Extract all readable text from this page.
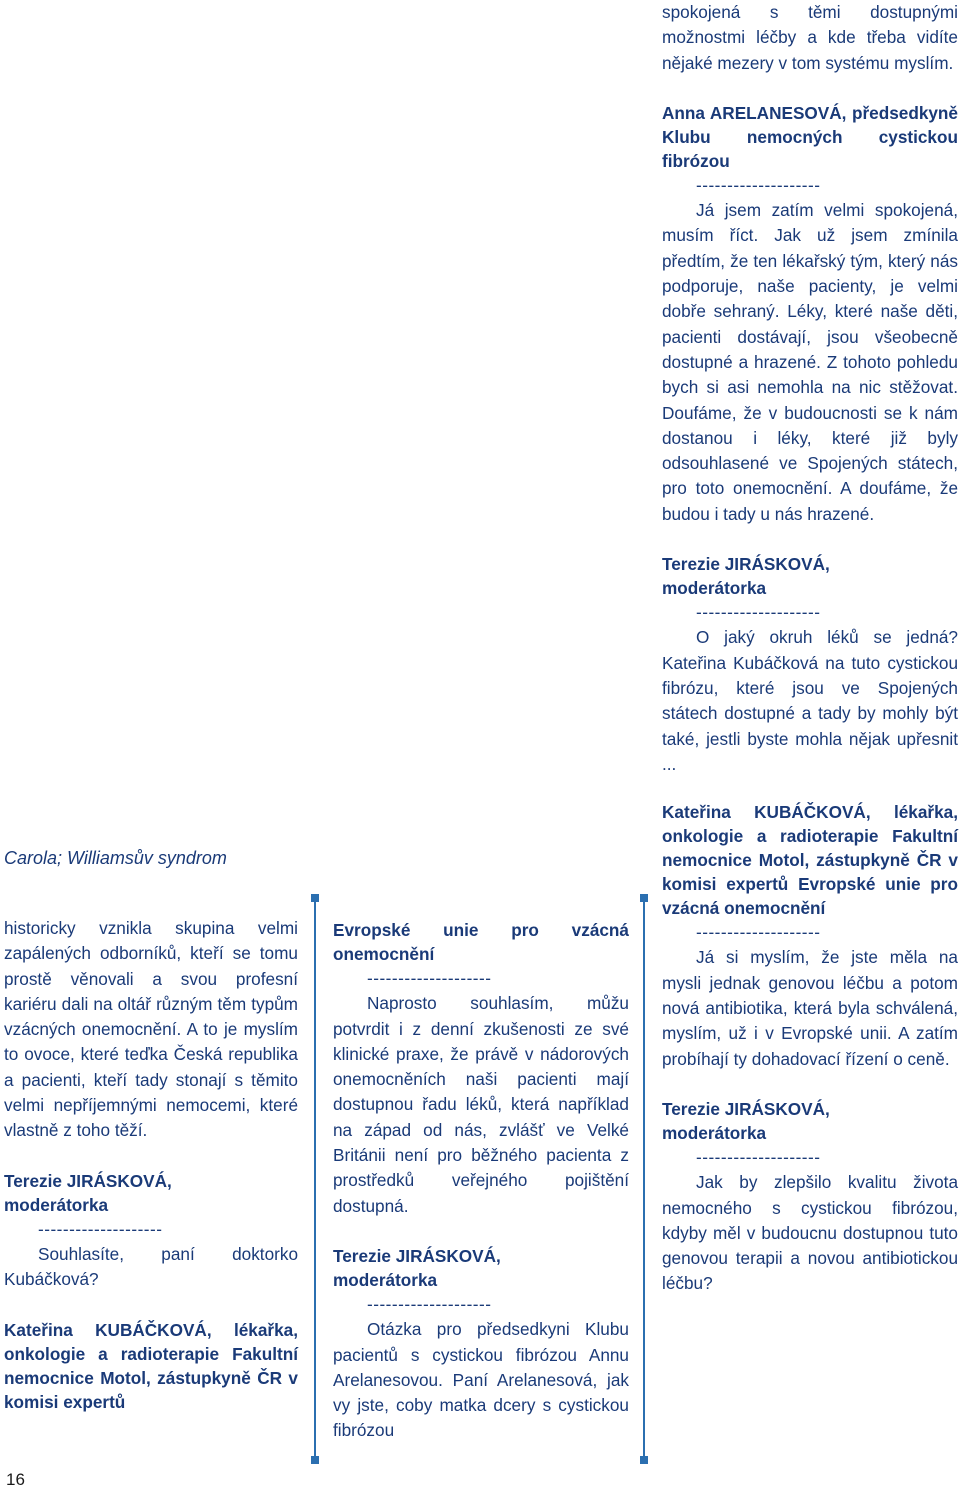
spokojená s těmi dostupnými možnostmi léčby a kde třeba vidíte nějaké mezery v tom systému myslím.

Anna ARELANESOVÁ, předsedkyně Klubu nemocných cystickou fibrózou

--------------------

Já jsem zatím velmi spokojená, musím říct. Jak už jsem zmínila předtím, že ten lékařský tým, který nás podporuje, naše pacienty, je velmi dobře sehraný. Léky, které naše děti, pacienti dostávají, jsou všeobecně dostupné a hrazené. Z tohoto pohledu bych si asi nemohla na nic stěžovat. Doufáme, že v budoucnosti se k nám dostanou i léky, které již byly odsouhlasené ve Spojených státech, pro toto onemocnění. A doufáme, že budou i tady u nás hrazené.

Terezie JIRÁSKOVÁ,

moderátorka

--------------------

O jaký okruh léků se jedná? Kateřina Kubáčková na tuto cystickou fibrózu, které jsou ve Spojených státech dostupné a tady by mohly být také, jestli byste mohla nějak upřesnit ...

Kateřina KUBÁČKOVÁ, lékařka, onkologie a radioterapie Fakultní nemocnice Motol, zástupkyně ČR v komisi expertů Evropské unie pro vzácná onemocnění

--------------------

Já si myslím, že jste měla na mysli jednak genovou léčbu a potom nová antibiotika, která byla schválená, myslím, už i v Evropské unii. A zatím probíhají ty dohadovací řízení o ceně.

Terezie JIRÁSKOVÁ,

moderátorka

--------------------

Jak by zlepšilo kvalitu života nemocného s cystickou fibrózou, kdyby měl v budoucnu dostupnou tuto genovou terapii a novou antibiotickou léčbu?

Carola; Williamsův syndrom

historicky vznikla skupina velmi zapálených odborníků, kteří se tomu prostě věnovali a svou profesní kariéru dali na oltář různým těm typům vzácných onemocnění. A to je myslím to ovoce, které teďka Česká republika a pacienti, kteří tady stonají s těmito velmi nepříjemnými nemocemi, které vlastně z toho těží.

Terezie JIRÁSKOVÁ,

moderátorka

--------------------

Souhlasíte, paní doktorko Kubáčková?

Kateřina KUBÁČKOVÁ, lékařka, onkologie a radioterapie Fakultní nemocnice Motol, zástupkyně ČR v komisi expertů

Evropské unie pro vzácná onemocnění

--------------------

Naprosto souhlasím, můžu potvrdit i z denní zkušenosti ze své klinické praxe, že právě v nádorových onemocněních naši pacienti mají dostupnou řadu léků, která například na západ od nás, zvlášť ve Velké Británii není pro běžného pacienta z prostředků veřejného pojištění dostupná.

Terezie JIRÁSKOVÁ,

moderátorka

--------------------

Otázka pro předsedkyni Klubu pacientů s cystickou fibrózou Annu Arelanesovou. Paní Arelanesová, jak vy jste, coby matka dcery s cystickou fibrózou

16
